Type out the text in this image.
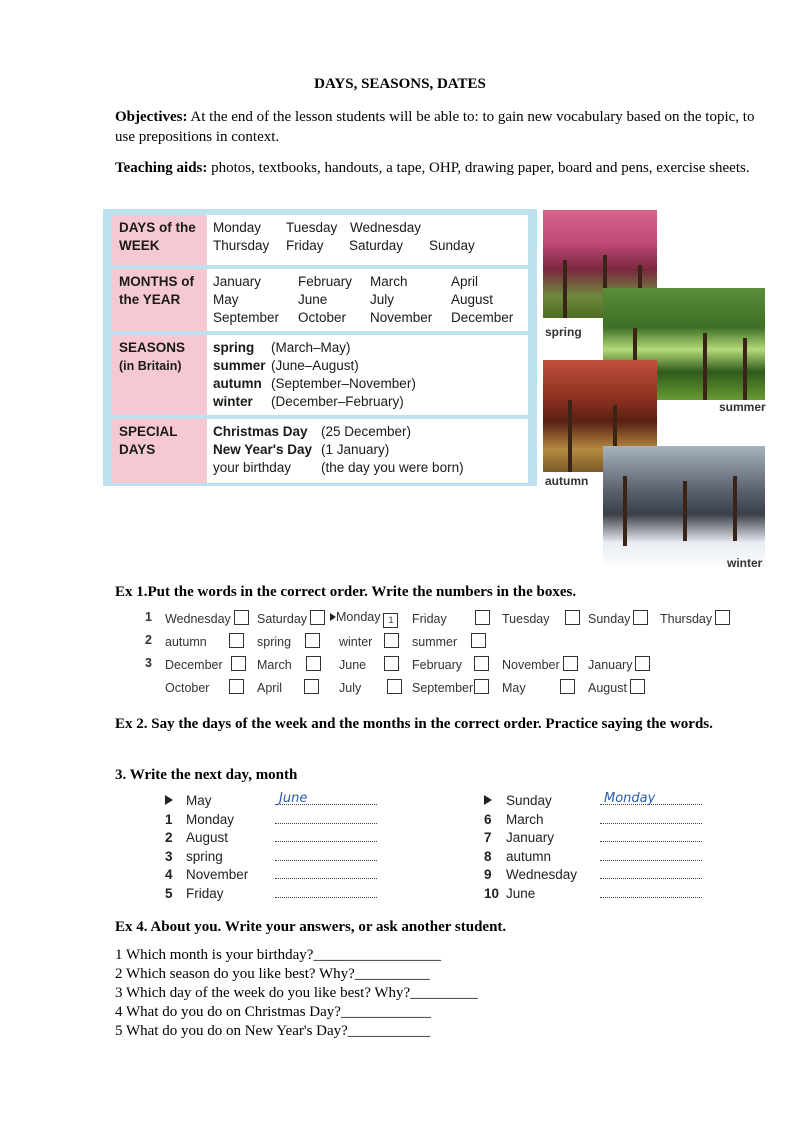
DAYS, SEASONS, DATES
Objectives: At the end of the lesson students will be able to: to gain new vocabulary based on the topic, to use prepositions in context.
Teaching aids: photos, textbooks, handouts, a tape, OHP, drawing paper, board and pens, exercise sheets.
DAYS of the
WEEK
Monday	Tuesday Wednesday
Thursday	Friday	Saturday	Sunday
MONTHS of
the YEAR
January	February	March	April
May	June	July	August
September	October	November	December
SEASONS
(in Britain)
spring	(March–May)
summer (June–August)
autumn (September–November)
winter	(December–February)
SPECIAL
DAYS
Christmas Day (25 December)
New Year's Day (1 January)
your birthday	(the day you were born)
spring
summer
autumn
winter
Ex 1.Put the words in the correct order. Write the numbers in the boxes.
1 Wednesday	Saturday	Monday 1	Friday	Tuesday	Sunday	Thursday
2 autumn	spring	winter	summer
3 December	March	June	February	November	January
October	April	July	September	May	August
Ex 2. Say the days of the week and the months in the correct order. Practice saying the words.
3. Write the next day, month
May	June
1 Monday
2 August
3 spring
4 November
5 Friday
Sunday	Monday
6	March
7	January
8	autumn
9	Wednesday
10 June
Ex 4. About you. Write your answers, or ask another student.
1 Which month is your birthday?_________________
2 Which season do you like best? Why?__________
3 Which day of the week do you like best? Why?_________
4 What do you do on Christmas Day?____________
5 What do you do on New Year's Day?___________
